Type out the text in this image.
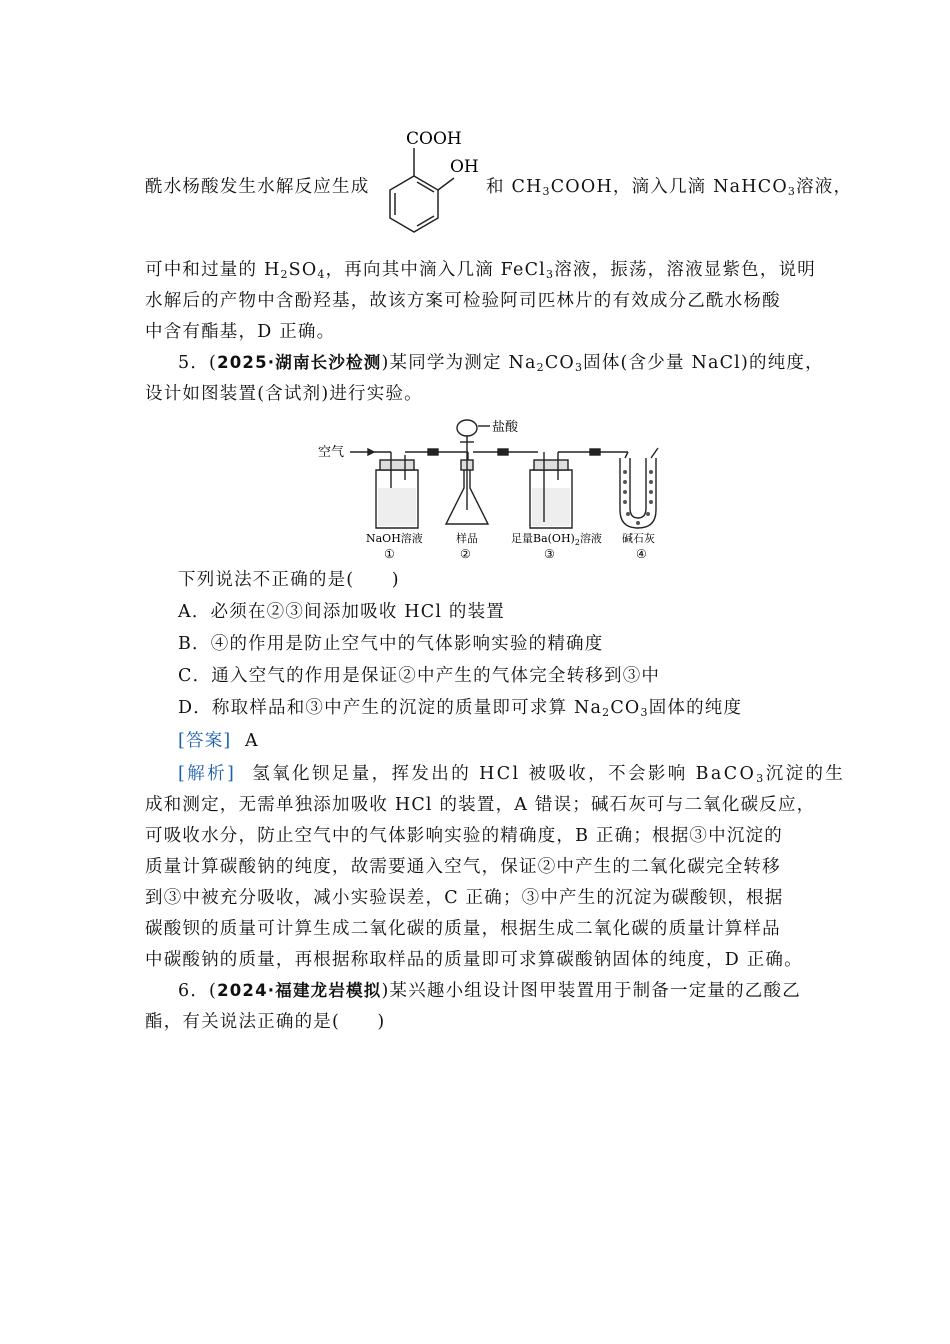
酰水杨酸发生水解反应生成
COOH
OH
和 $CH_3COOH$，滴入几滴 NaHCO$_3$溶液，
可中和过量的 $H_2SO_4$，再向其中滴入几滴 FeCl$_3$溶液，振荡，溶液显紫色，说明
水解后的产物中含酚羟基，故该方案可检验阿司匹林片的有效成分乙酰水杨酸
中含有酯基，D 正确。
5．(2025·湖南长沙检测)某同学为测定 $Na_2CO_3$固体(含少量 NaCl)的纯度，
设计如图装置(含试剂)进行实验。
空气
盐酸
NaOH溶液	样品	足量$Ba(OH)_2$溶液 碱石灰
①	②	③	④
下列说法不正确的是(　　)
A．必须在②③间添加吸收 HCl 的装置
B．④的作用是防止空气中的气体影响实验的精确度
C．通入空气的作用是保证②中产生的气体完全转移到③中
D．称取样品和③中产生的沉淀的质量即可求算 $Na_2CO_3$固体的纯度
[答案] A
[解析] 氢氧化钡足量，挥发出的 HCl 被吸收，不会影响 BaCO$_3$沉淀的生
成和测定，无需单独添加吸收 HCl 的装置，A 错误；碱石灰可与二氧化碳反应，
可吸收水分，防止空气中的气体影响实验的精确度，B 正确；根据③中沉淀的
质量计算碳酸钠的纯度，故需要通入空气，保证②中产生的二氧化碳完全转移
到③中被充分吸收，减小实验误差，C 正确；③中产生的沉淀为碳酸钡，根据
碳酸钡的质量可计算生成二氧化碳的质量，根据生成二氧化碳的质量计算样品
中碳酸钠的质量，再根据称取样品的质量即可求算碳酸钠固体的纯度，D 正确。
6．(2024·福建龙岩模拟)某兴趣小组设计图甲装置用于制备一定量的乙酸乙
酯，有关说法正确的是(　　)
